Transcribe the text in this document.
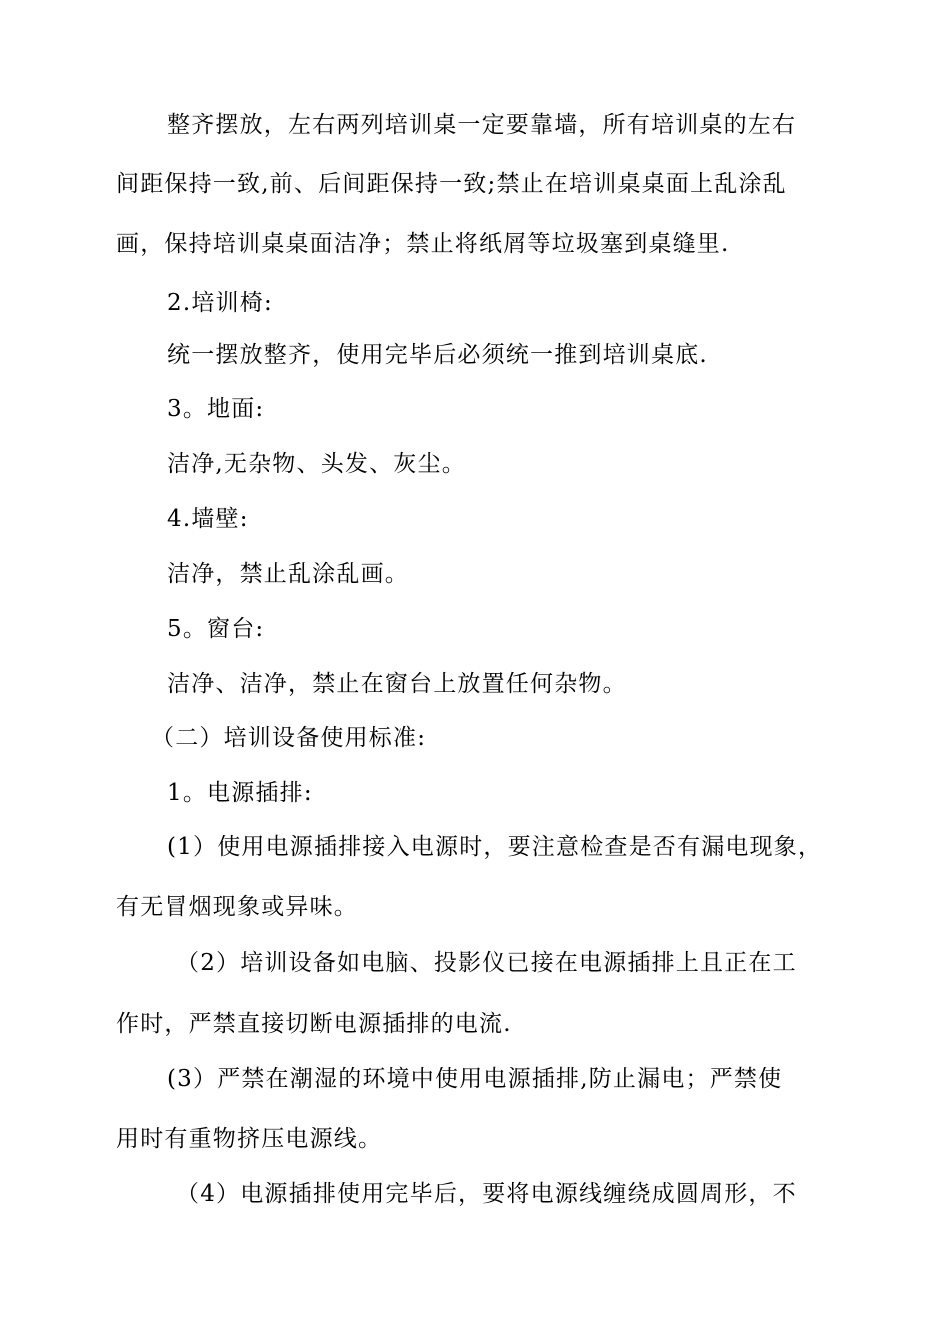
整齐摆放，左右两列培训桌一定要靠墙，所有培训桌的左右

间距保持一致,前、后间距保持一致;禁止在培训桌桌面上乱涂乱

画，保持培训桌桌面洁净；禁止将纸屑等垃圾塞到桌缝里.

2.培训椅:

统一摆放整齐，使用完毕后必须统一推到培训桌底.

3。地面:

洁净,无杂物、头发、灰尘。

4.墙壁:

洁净，禁止乱涂乱画。

5。窗台:

洁净、洁净，禁止在窗台上放置任何杂物。

（二）培训设备使用标准:

1。电源插排:

(1）使用电源插排接入电源时，要注意检查是否有漏电现象，

有无冒烟现象或异味。

（2）培训设备如电脑、投影仪已接在电源插排上且正在工

作时，严禁直接切断电源插排的电流.

(3）严禁在潮湿的环境中使用电源插排,防止漏电；严禁使

用时有重物挤压电源线。

（4）电源插排使用完毕后，要将电源线缠绕成圆周形，不
